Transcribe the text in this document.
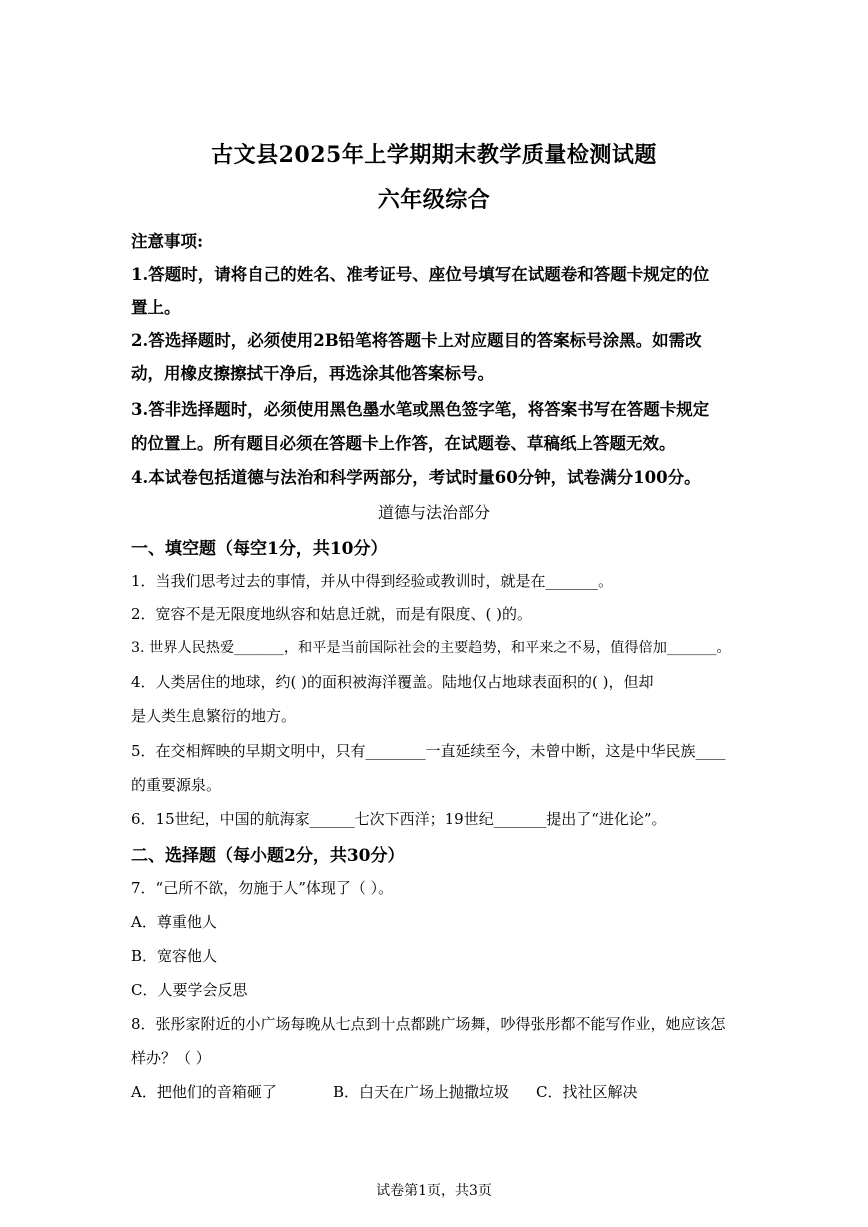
古文县2025年上学期期末教学质量检测试题
六年级综合
注意事项:
1.答题时，请将自己的姓名、准考证号、座位号填写在试题卷和答题卡规定的位
置上。
2.答选择题时，必须使用2B铅笔将答题卡上对应题目的答案标号涂黑。如需改
动，用橡皮擦擦拭干净后，再选涂其他答案标号。
3.答非选择题时，必须使用黑色墨水笔或黑色签字笔，将答案书写在答题卡规定
的位置上。所有题目必须在答题卡上作答，在试题卷、草稿纸上答题无效。
4.本试卷包括道德与法治和科学两部分，考试时量60分钟，试卷满分100分。
道德与法治部分
一、填空题（每空1分，共10分）
1．当我们思考过去的事情，并从中得到经验或教训时，就是在_______。
2．宽容不是无限度地纵容和姑息迁就，而是有限度、( )的。
3. 世界人民热爱_______，和平是当前国际社会的主要趋势，和平来之不易，值得倍加_______。
4．人类居住的地球，约( )的面积被海洋覆盖。陆地仅占地球表面积的( )，但却
是人类生息繁衍的地方。
5．在交相辉映的早期文明中，只有________一直延续至今，未曾中断，这是中华民族____
的重要源泉。
6．15世纪，中国的航海家______七次下西洋；19世纪_______提出了“进化论”。
二、选择题（每小题2分，共30分）
7．“己所不欲，勿施于人”体现了（ ）。
A．尊重他人
B．宽容他人
C．人要学会反思
8．张彤家附近的小广场每晚从七点到十点都跳广场舞，吵得张彤都不能写作业，她应该怎
样办？（ ）
A．把他们的音箱砸了	B．白天在广场上抛撒垃圾 C．找社区解决
试卷第1页，共3页
